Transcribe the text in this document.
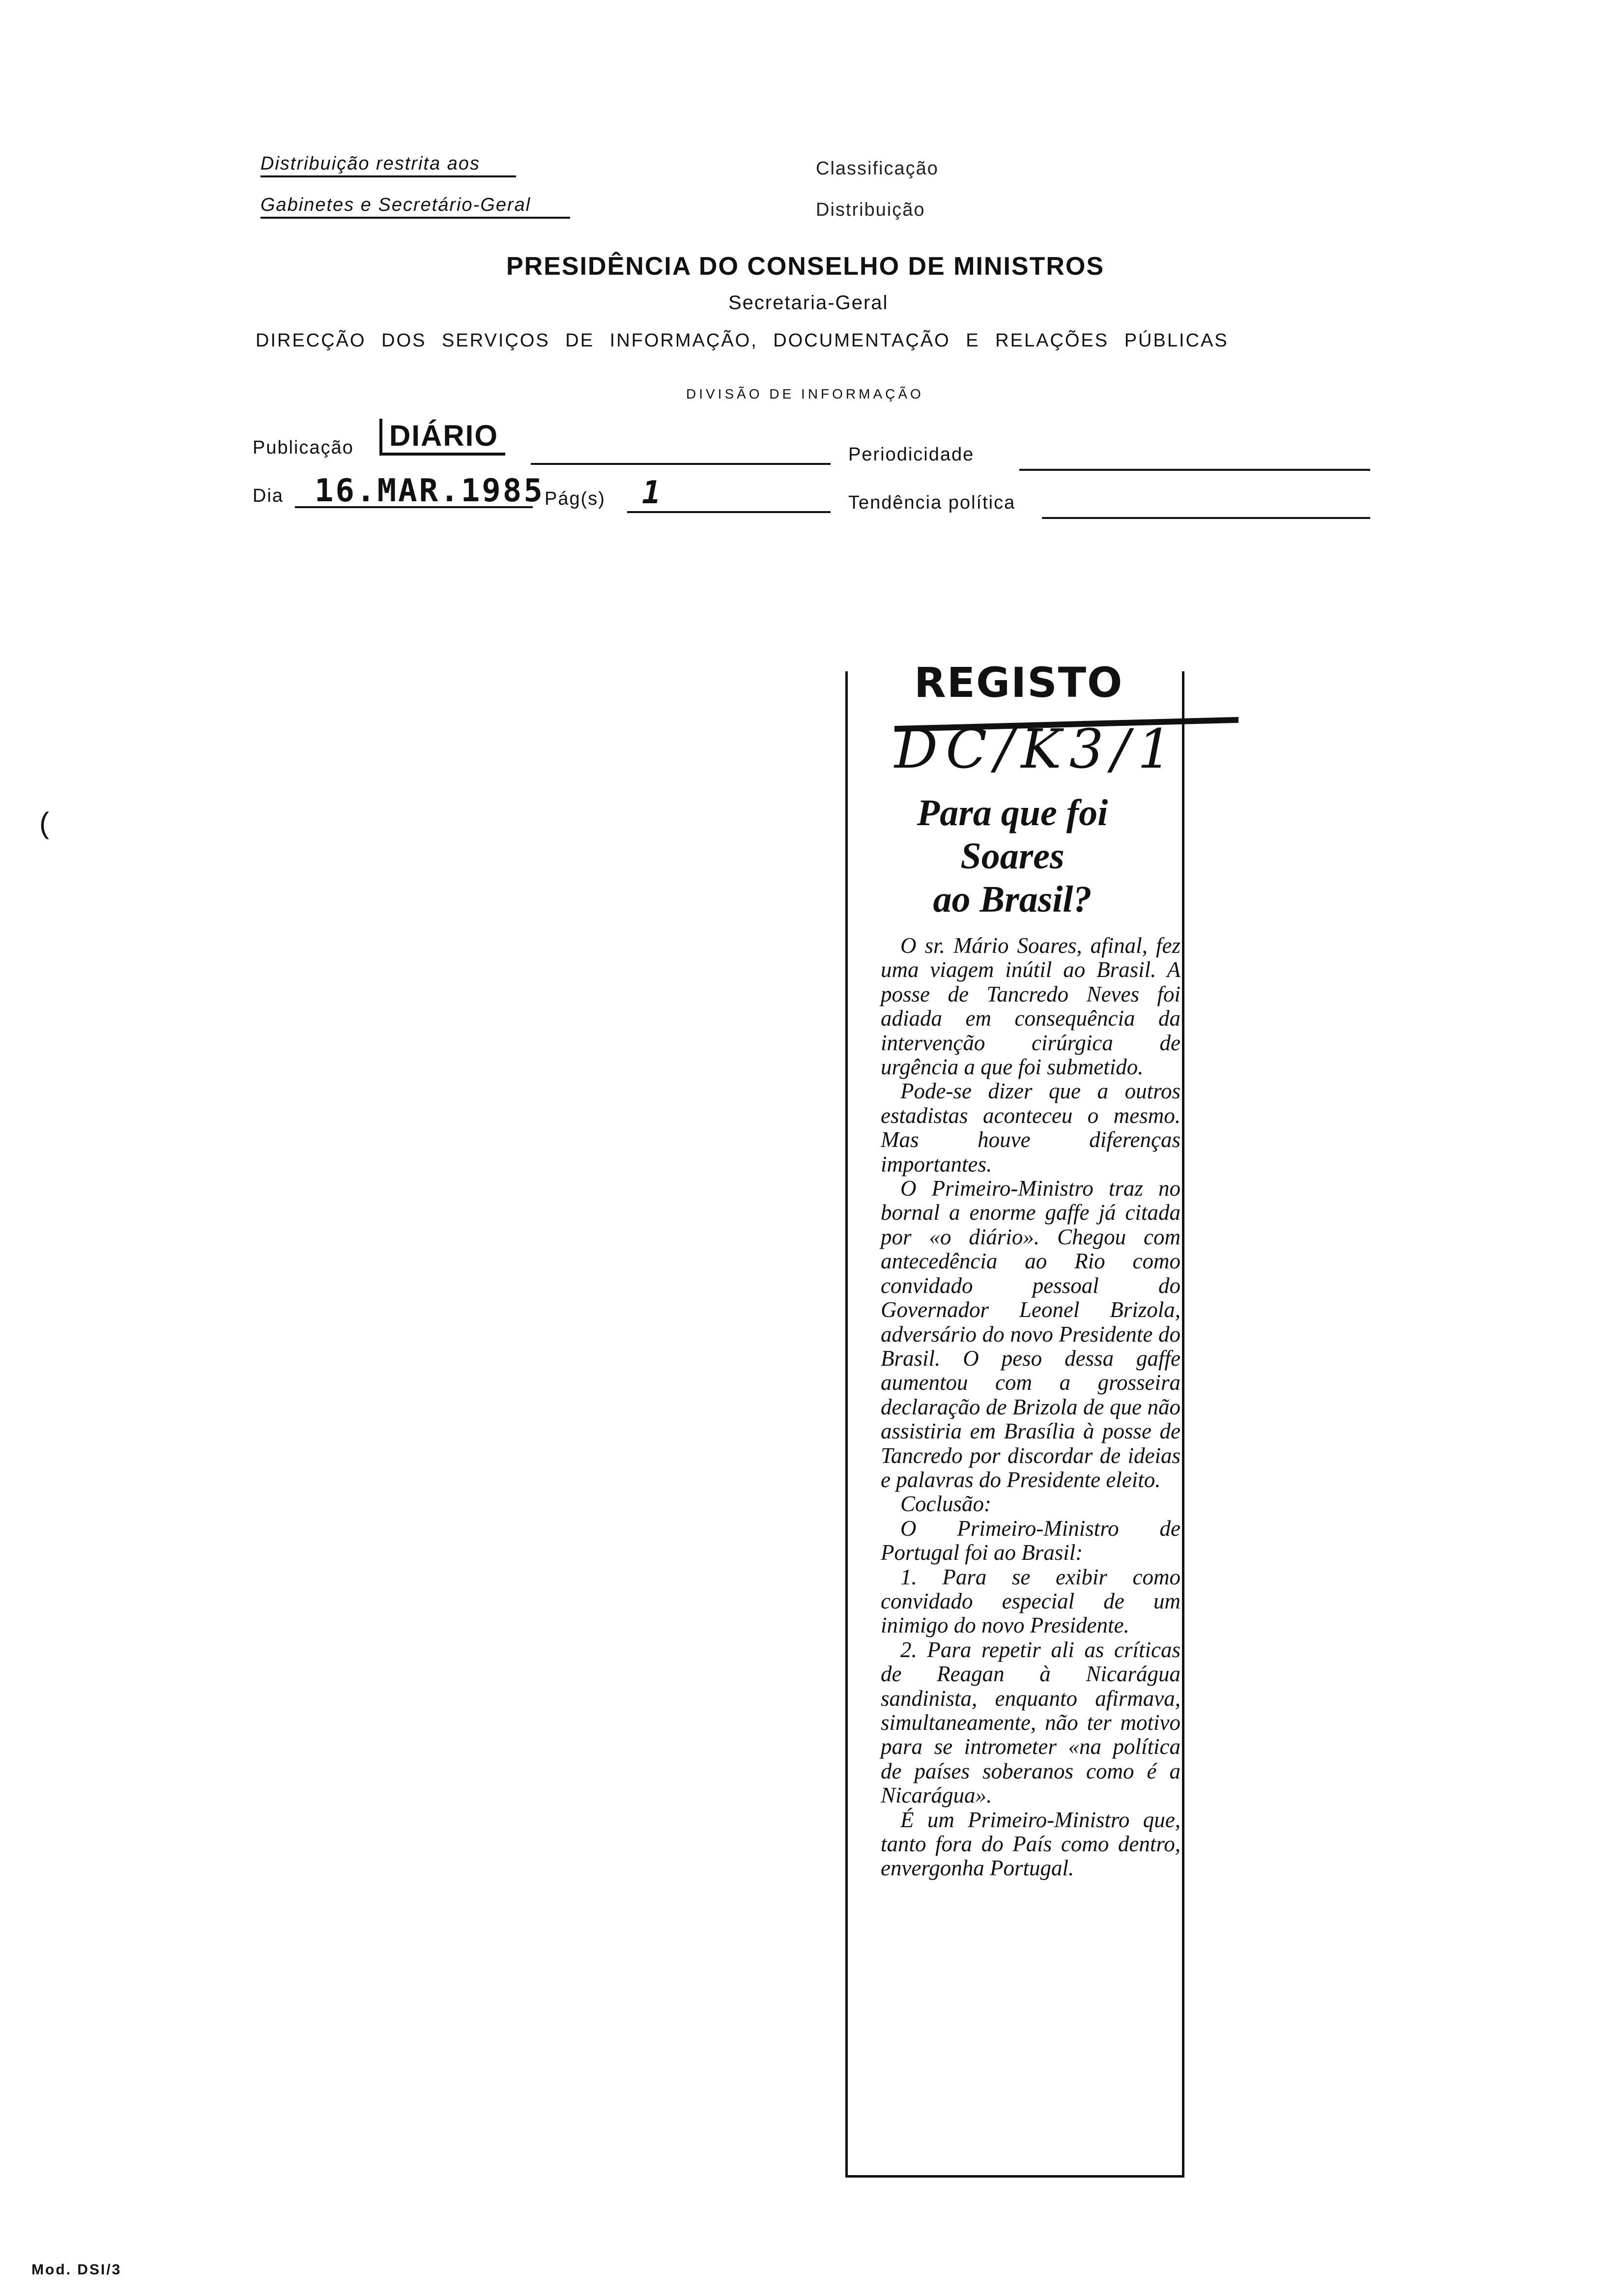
Distribuição restrita aos
Gabinetes e Secretário-Geral
Classificação
Distribuição
PRESIDÊNCIA DO CONSELHO DE MINISTROS
Secretaria-Geral
DIRECÇÃO DOS SERVIÇOS DE INFORMAÇÃO, DOCUMENTAÇÃO E RELAÇÕES PÚBLICAS
DIVISÃO DE INFORMAÇÃO
Publicação	DIÁRIO
Periodicidade
Dia 16.MAR.1985 Pág(s) 1	Tendência política
(
REGISTO
DC/K3/1
Para que foi
Soares
ao Brasil?

O sr. Mário Soares, afinal, fez uma viagem inútil ao Brasil. A posse de Tancredo Neves foi adiada em consequência da intervenção cirúrgica de urgência a que foi submetido.

Pode-se dizer que a outros estadistas aconteceu o mesmo. Mas houve diferenças importantes.

O Primeiro-Ministro traz no bornal a enorme gaffe já citada por «o diário». Chegou com antecedência ao Rio como convidado pessoal do Governador Leonel Brizola, adversário do novo Presidente do Brasil. O peso dessa gaffe aumentou com a grosseira declaração de Brizola de que não assistiria em Brasília à posse de Tancredo por discordar de ideias e palavras do Presidente eleito.

Coclusão:

O Primeiro-Ministro de Portugal foi ao Brasil:

1. Para se exibir como convidado especial de um inimigo do novo Presidente.

2. Para repetir ali as críticas de Reagan à Nicarágua sandinista, enquanto afirmava, simultaneamente, não ter motivo para se intrometer «na política de países soberanos como é a Nicarágua».

É um Primeiro-Ministro que, tanto fora do País como dentro, envergonha Portugal.

Mod. DSI/3
